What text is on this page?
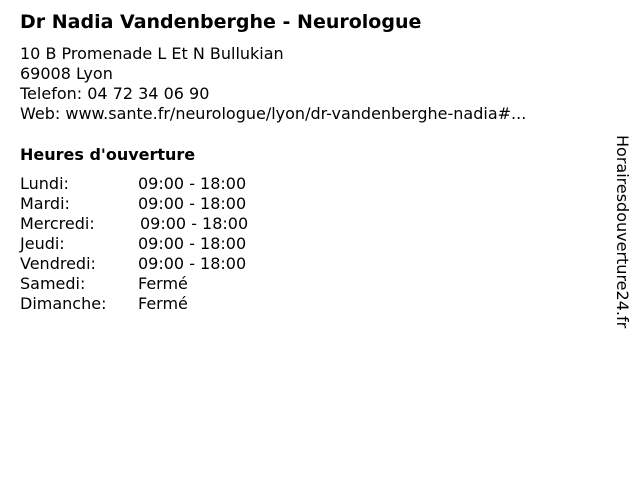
Dr Nadia Vandenberghe - Neurologue
10 B Promenade L Et N Bullukian
69008 Lyon
Telefon: 04 72 34 06 90
Web: www.sante.fr/neurologue/lyon/dr-vandenberghe-nadia#...
Heures d'ouverture
Lundi:	09:00 - 18:00
Mardi:	09:00 - 18:00
Mercredi:	09:00 - 18:00
Jeudi:	09:00 - 18:00
Vendredi:	09:00 - 18:00
Samedi:	Fermé
Dimanche: Fermé	Horairesdouverture24.fr
